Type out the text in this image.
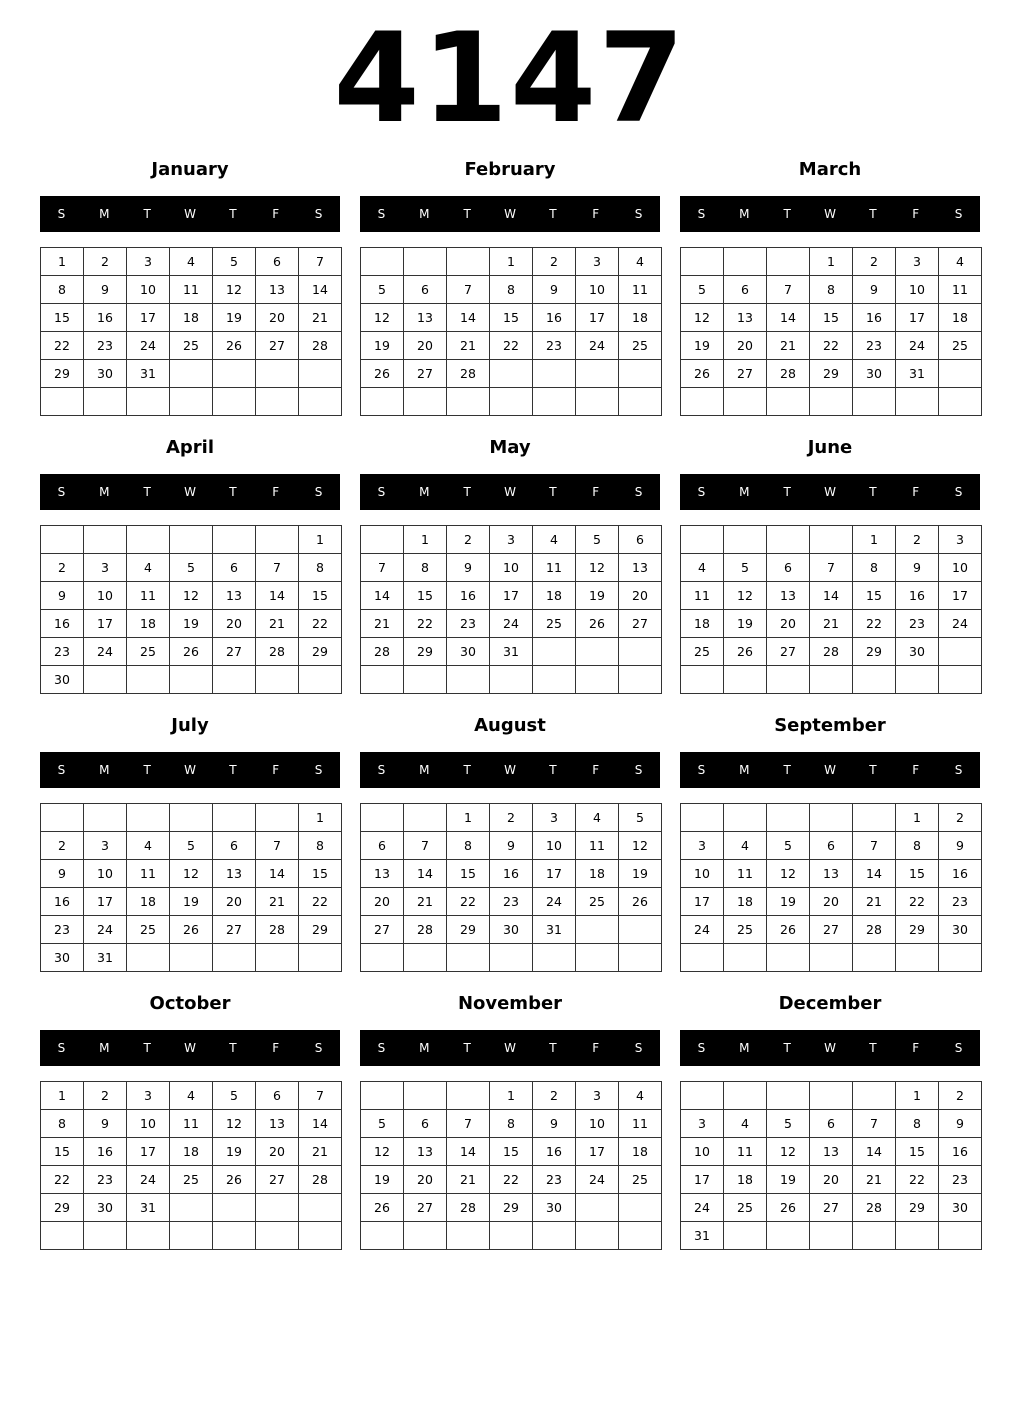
4147
January
S	M	T	W	T	F	S
1	2	3	4	5	6	7
8	9	10	11	12	13	14
15	16	17	18	19	20	21
22	23	24	25	26	27	28
29	30	31				

February
S	M	T	W	T	F	S
			1	2	3	4
5	6	7	8	9	10	11
12	13	14	15	16	17	18
19	20	21	22	23	24	25
26	27	28				

March
S	M	T	W	T	F	S
			1	2	3	4
5	6	7	8	9	10	11
12	13	14	15	16	17	18
19	20	21	22	23	24	25
26	27	28	29	30	31	

April
S	M	T	W	T	F	S
						1
2	3	4	5	6	7	8
9	10	11	12	13	14	15
16	17	18	19	20	21	22
23	24	25	26	27	28	29
30						
May
S	M	T	W	T	F	S
	1	2	3	4	5	6
7	8	9	10	11	12	13
14	15	16	17	18	19	20
21	22	23	24	25	26	27
28	29	30	31			

June
S	M	T	W	T	F	S
				1	2	3
4	5	6	7	8	9	10
11	12	13	14	15	16	17
18	19	20	21	22	23	24
25	26	27	28	29	30	

July
S	M	T	W	T	F	S
						1
2	3	4	5	6	7	8
9	10	11	12	13	14	15
16	17	18	19	20	21	22
23	24	25	26	27	28	29
30	31					
August
S	M	T	W	T	F	S
		1	2	3	4	5
6	7	8	9	10	11	12
13	14	15	16	17	18	19
20	21	22	23	24	25	26
27	28	29	30	31		

September
S	M	T	W	T	F	S
					1	2
3	4	5	6	7	8	9
10	11	12	13	14	15	16
17	18	19	20	21	22	23
24	25	26	27	28	29	30

October
S	M	T	W	T	F	S
1	2	3	4	5	6	7
8	9	10	11	12	13	14
15	16	17	18	19	20	21
22	23	24	25	26	27	28
29	30	31				

November
S	M	T	W	T	F	S
			1	2	3	4
5	6	7	8	9	10	11
12	13	14	15	16	17	18
19	20	21	22	23	24	25
26	27	28	29	30		

December
S	M	T	W	T	F	S
					1	2
3	4	5	6	7	8	9
10	11	12	13	14	15	16
17	18	19	20	21	22	23
24	25	26	27	28	29	30
31						
